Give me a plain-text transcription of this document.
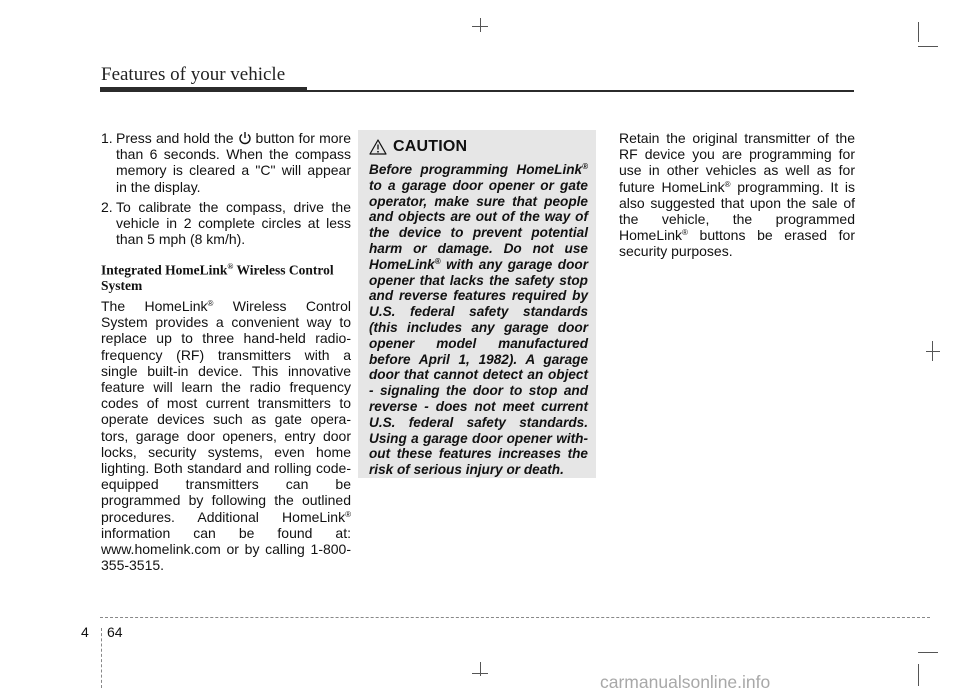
Features of your vehicle
1. Press and hold the button for more than 6 seconds. When the compass memory is cleared a "C" will appear in the display.
2. To calibrate the compass, drive the vehicle in 2 complete circles at less than 5 mph (8 km/h).
Integrated HomeLink® Wireless Control System

The HomeLink® Wireless Control System provides a convenient way to replace up to three hand-held radio-frequency (RF) transmitters with a single built-in device. This innovative feature will learn the radio frequency codes of most current transmitters to operate devices such as gate opera-tors, garage door openers, entry door locks, security systems, even home lighting. Both standard and rolling code-equipped transmitters can be programmed by following the outlined procedures. Additional HomeLink® information can be found at: www.homelink.com or by calling 1-800-355-3515.

CAUTION

Before programming HomeLink® to a garage door opener or gate operator, make sure that people and objects are out of the way of the device to prevent potential harm or damage. Do not use HomeLink® with any garage door opener that lacks the safety stop and reverse features required by U.S. federal safety standards (this includes any garage door opener model manufactured before April 1, 1982). A garage door that cannot detect an object - signaling the door to stop and reverse - does not meet current U.S. federal safety standards. Using a garage door opener with-out these features increases the risk of serious injury or death.

Retain the original transmitter of the RF device you are programming for use in other vehicles as well as for future HomeLink® programming. It is also suggested that upon the sale of the vehicle, the programmed HomeLink® buttons be erased for security purposes.

4 64
carmanualsonline.info
